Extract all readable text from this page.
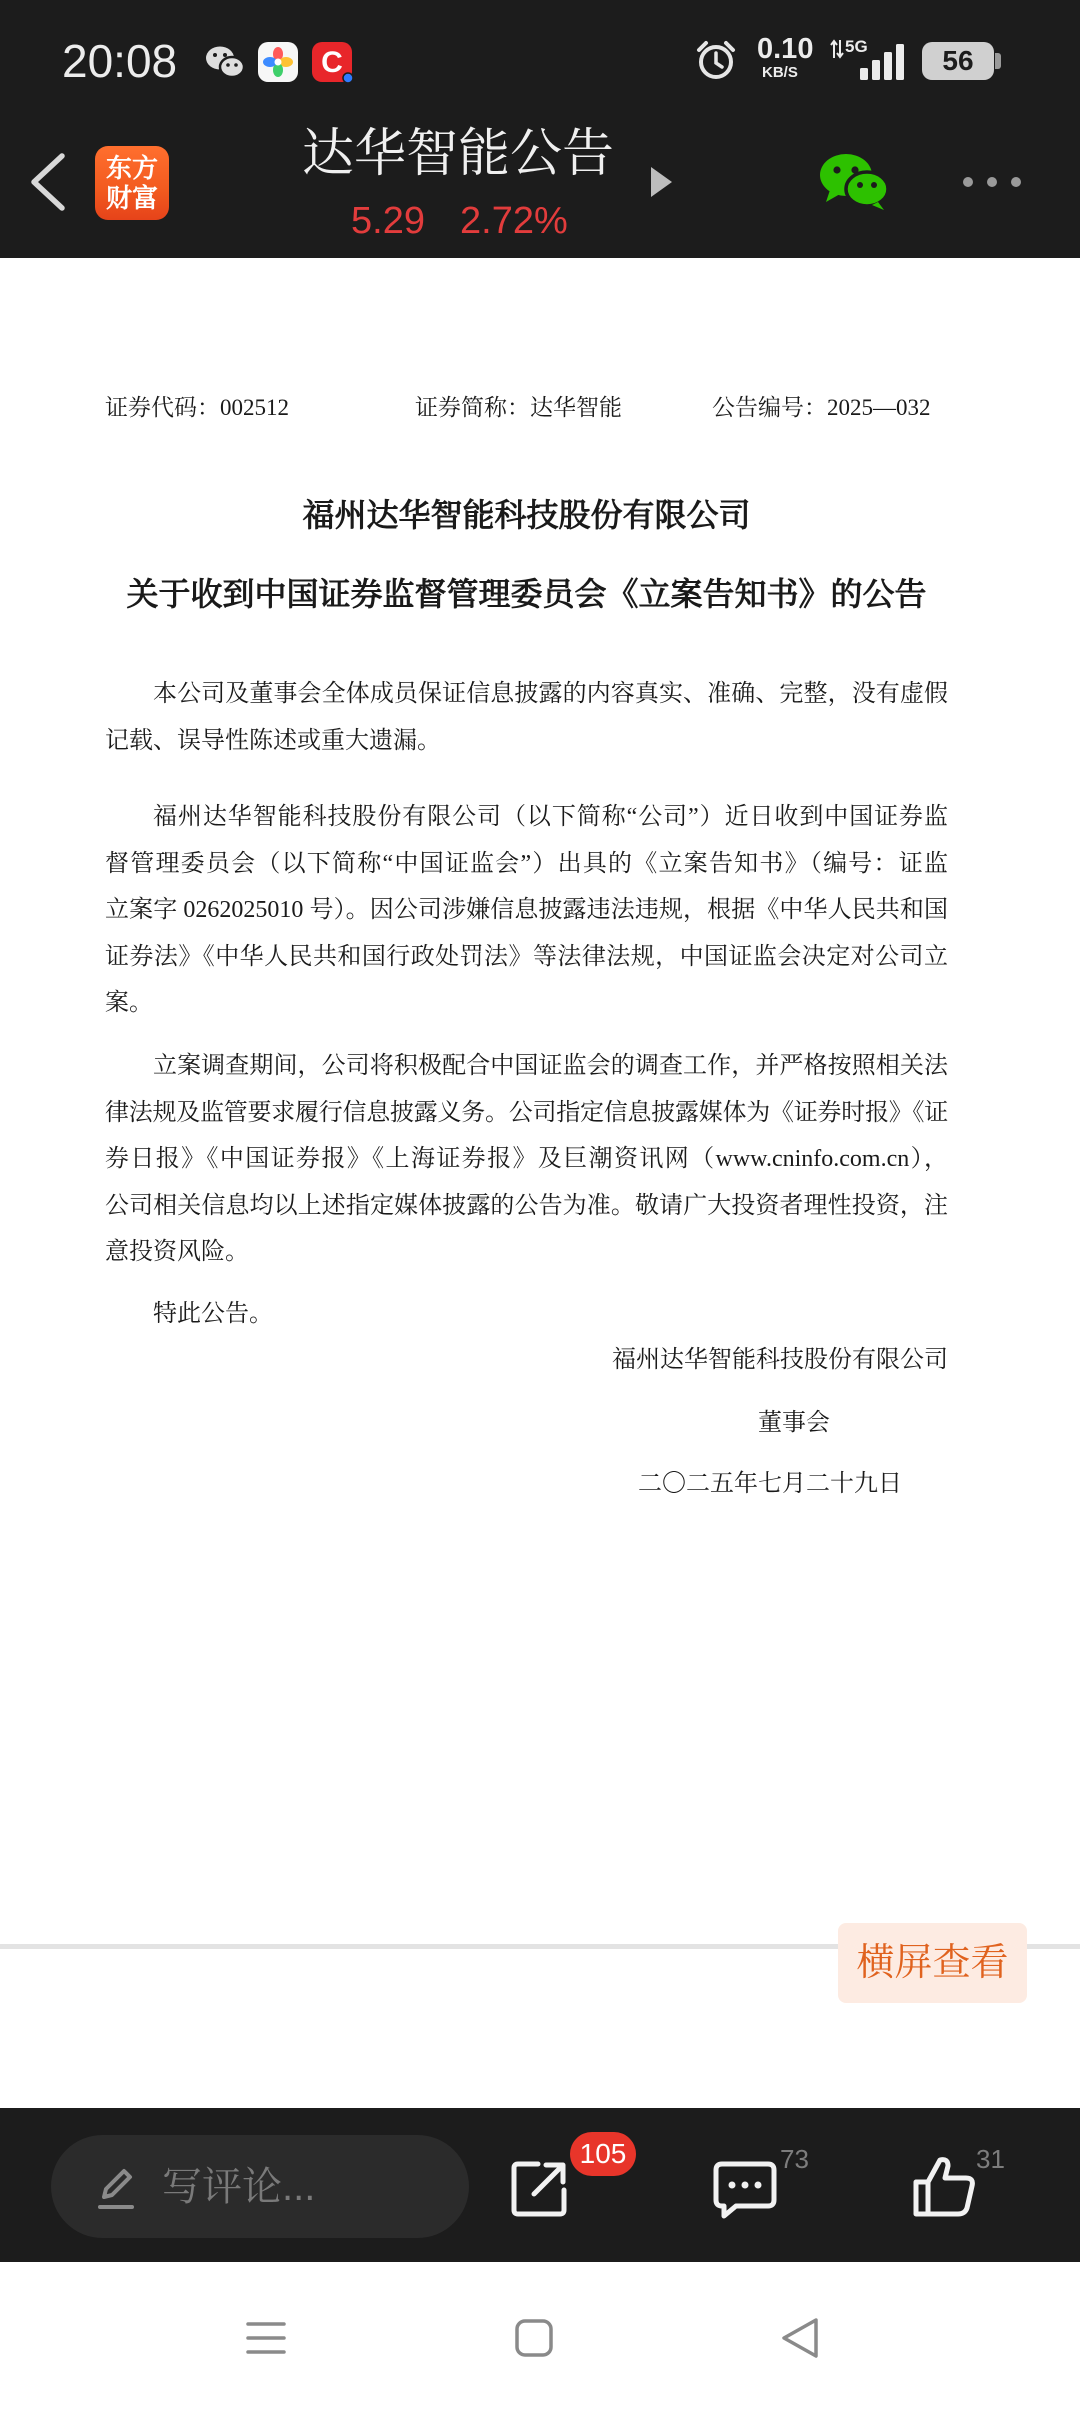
20:08	C	0.10
KB/S
5G	56
东方
财富
达华智能公告
5.29 2.72%
证券代码：002512	证券简称：达华智能	公告编号：2025—032
福州达华智能科技股份有限公司
关于收到中国证券监督管理委员会《立案告知书》的公告
本公司及董事会全体成员保证信息披露的内容真实、准确、完整，没有虚假
记载、误导性陈述或重大遗漏。
福州达华智能科技股份有限公司（以下简称“公司”）近日收到中国证券监
督管理委员会（以下简称“中国证监会”）出具的《立案告知书》（编号：证监
立案字 0262025010 号）。因公司涉嫌信息披露违法违规，根据《中华人民共和国
证券法》《中华人民共和国行政处罚法》等法律法规，中国证监会决定对公司立
案。
立案调查期间，公司将积极配合中国证监会的调查工作，并严格按照相关法
律法规及监管要求履行信息披露义务。公司指定信息披露媒体为《证券时报》《证
券日报》《中国证券报》《上海证券报》及巨潮资讯网（www.cninfo.com.cn），
公司相关信息均以上述指定媒体披露的公告为准。敬请广大投资者理性投资，注
意投资风险。
特此公告。
福州达华智能科技股份有限公司
董事会
二〇二五年七月二十九日
横屏查看
写评论...
105	73	31
